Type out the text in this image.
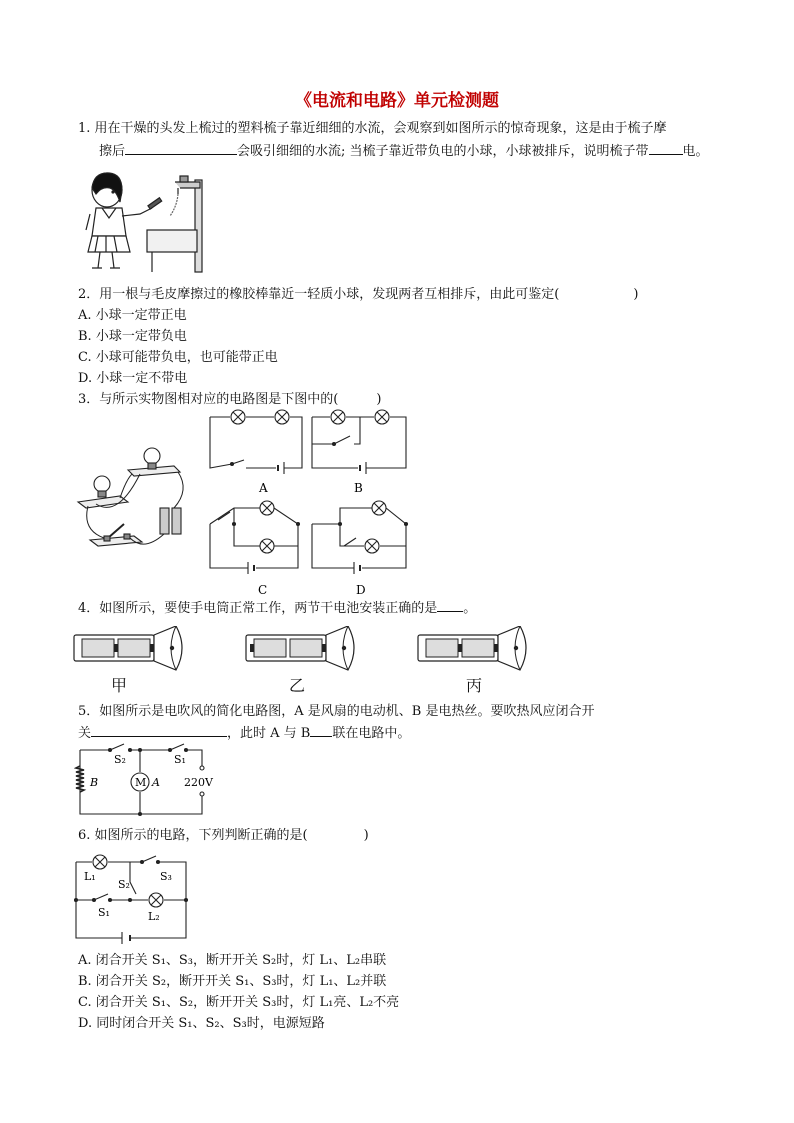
《电流和电路》单元检测题
1. 用在干燥的头发上梳过的塑料梳子靠近细细的水流，会观察到如图所示的惊奇现象，这是由于梳子摩
擦后	会吸引细细的水流; 当梳子靠近带负电的小球，小球被排斥，说明梳子带	电。
2．用一根与毛皮摩擦过的橡胶棒靠近一轻质小球，发现两者互相排斥，由此可鉴定(	)
A. 小球一定带正电
B. 小球一定带负电
C. 小球可能带负电，也可能带正电
D. 小球一定不带电
3．与所示实物图相对应的电路图是下图中的(	)
A	B
C	D
4．如图所示，要使手电筒正常工作，两节干电池安装正确的是 。
甲	乙	丙
5．如图所示是电吹风的简化电路图，A 是风扇的电动机、B 是电热丝。要吹热风应闭合开
关	，此时 A 与 B 联在电路中。
S₂	S₁
M A
B	220V
6. 如图所示的电路，下列判断正确的是(	)
L₁
S₂
S₃
S₁	L₂
A. 闭合开关 S₁、S₃，断开开关 S₂时，灯 L₁、L₂串联
B. 闭合开关 S₂，断开开关 S₁、S₃时，灯 L₁、L₂并联
C. 闭合开关 S₁、S₂，断开开关 S₃时，灯 L₁亮、L₂不亮
D. 同时闭合开关 S₁、S₂、S₃时，电源短路
